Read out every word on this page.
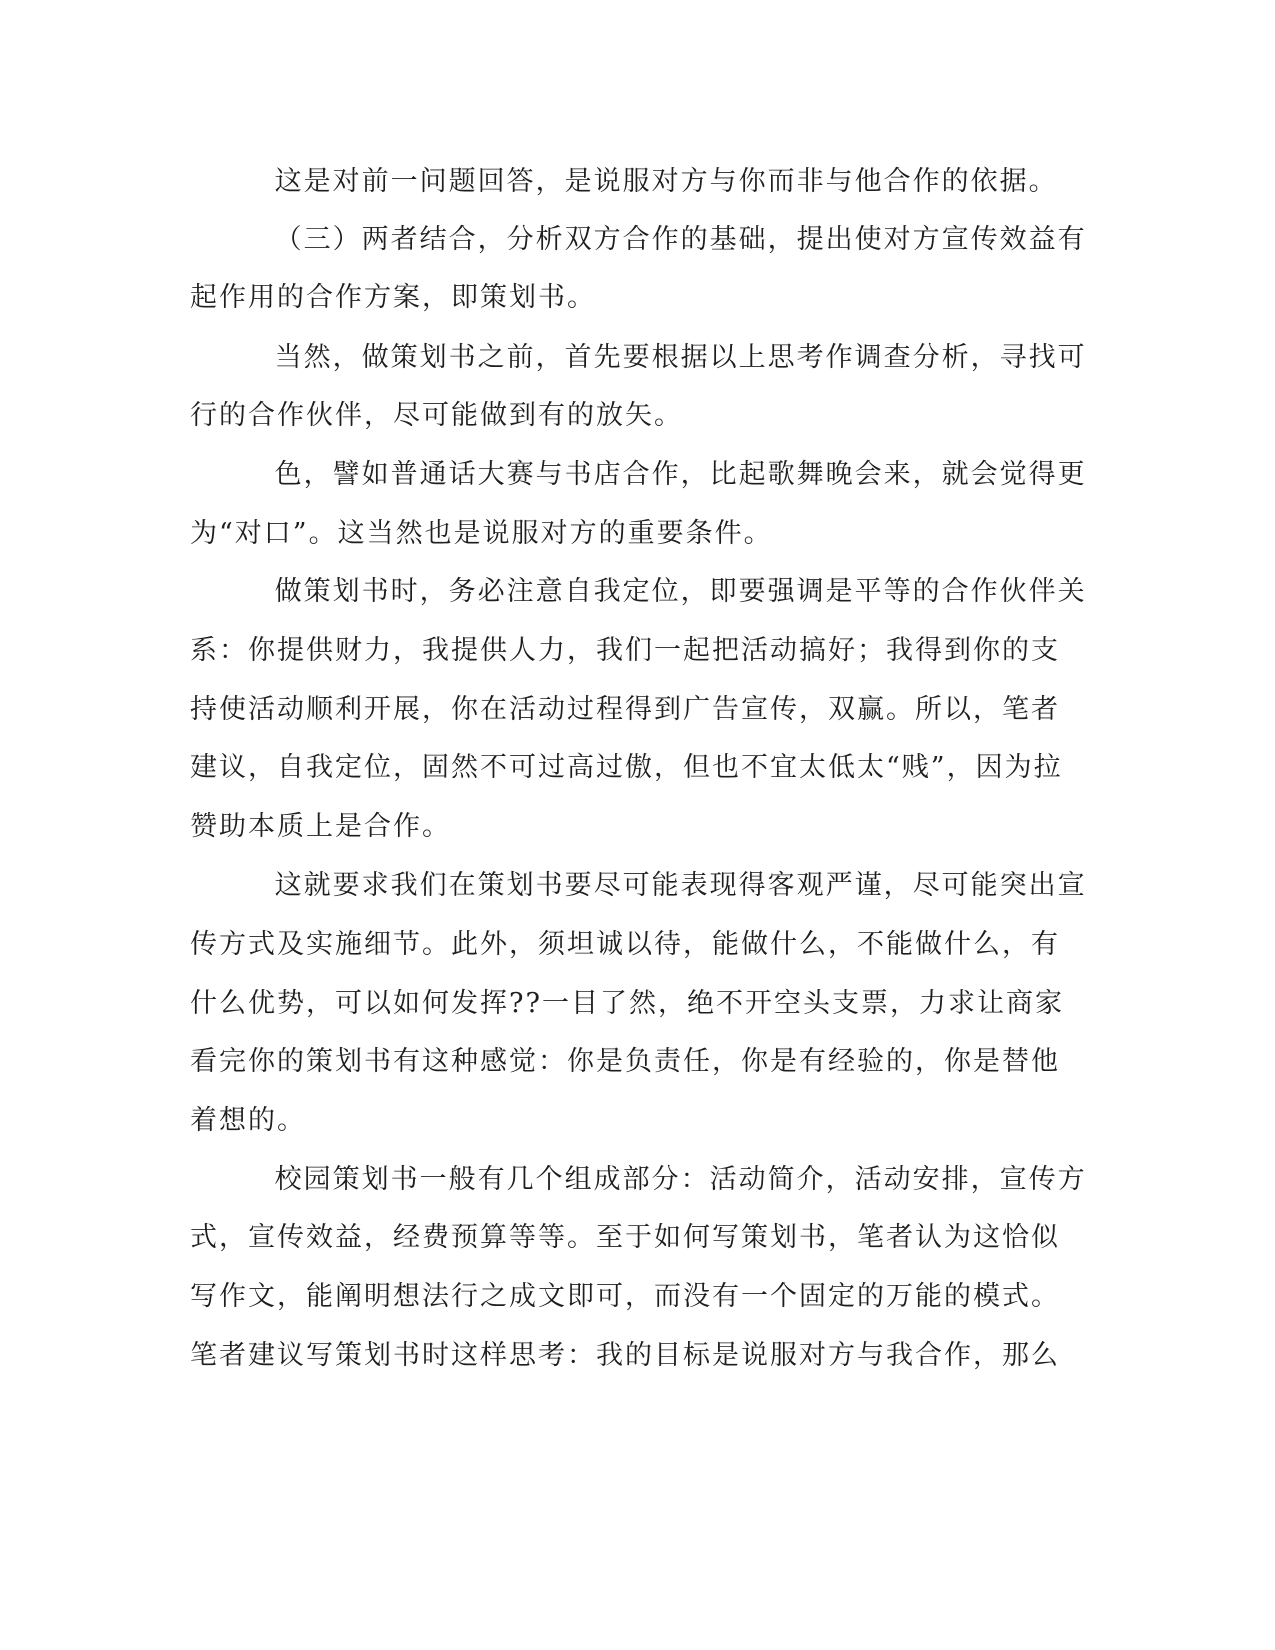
这是对前一问题回答，是说服对方与你而非与他合作的依据。

（三）两者结合，分析双方合作的基础，提出使对方宣传效益有

起作用的合作方案，即策划书。

当然，做策划书之前，首先要根据以上思考作调查分析，寻找可

行的合作伙伴，尽可能做到有的放矢。

色，譬如普通话大赛与书店合作，比起歌舞晚会来，就会觉得更

为“对口”。这当然也是说服对方的重要条件。

做策划书时，务必注意自我定位，即要强调是平等的合作伙伴关

系：你提供财力，我提供人力，我们一起把活动搞好；我得到你的支

持使活动顺利开展，你在活动过程得到广告宣传，双赢。所以，笔者

建议，自我定位，固然不可过高过傲，但也不宜太低太“贱”，因为拉

赞助本质上是合作。

这就要求我们在策划书要尽可能表现得客观严谨，尽可能突出宣

传方式及实施细节。此外，须坦诚以待，能做什么，不能做什么，有

什么优势，可以如何发挥??一目了然，绝不开空头支票，力求让商家

看完你的策划书有这种感觉：你是负责任，你是有经验的，你是替他

着想的。

校园策划书一般有几个组成部分：活动简介，活动安排，宣传方

式，宣传效益，经费预算等等。至于如何写策划书，笔者认为这恰似

写作文，能阐明想法行之成文即可，而没有一个固定的万能的模式。

笔者建议写策划书时这样思考：我的目标是说服对方与我合作，那么
